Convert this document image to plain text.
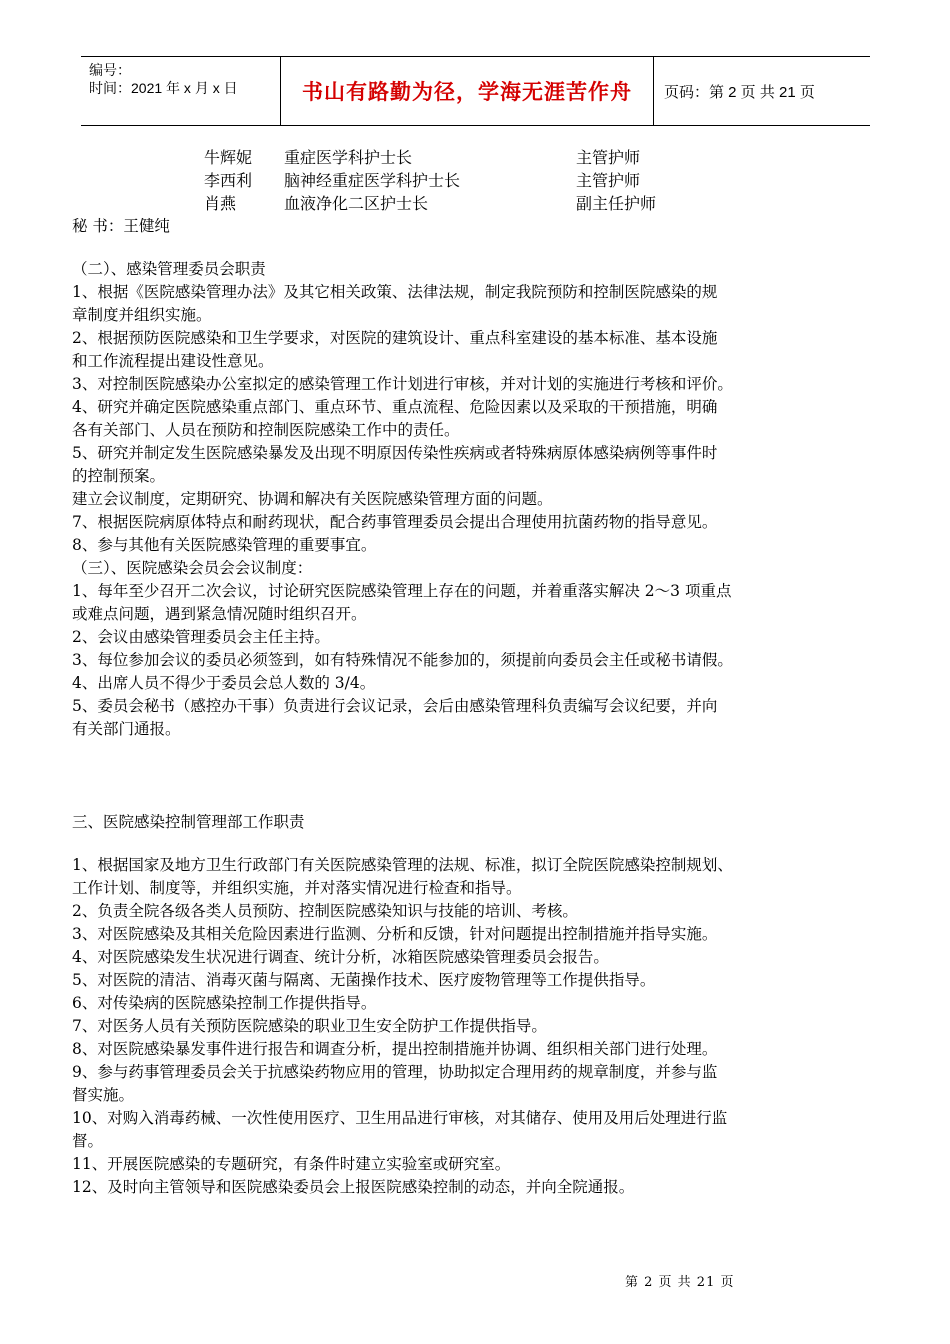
编号：
时间：2021 年 x 月 x 日	书山有路勤为径，学海无涯苦作舟	页码：第 2 页 共 21 页
牛辉妮	重症医学科护士长	主管护师
李西利	脑神经重症医学科护士长	主管护师
肖燕	血液净化二区护士长	副主任护师
秘 书：王健纯
（二）、感染管理委员会职责
1、根据《医院感染管理办法》及其它相关政策、法律法规，制定我院预防和控制医院感染的规
章制度并组织实施。
2、根据预防医院感染和卫生学要求，对医院的建筑设计、重点科室建设的基本标准、基本设施
和工作流程提出建设性意见。
3、对控制医院感染办公室拟定的感染管理工作计划进行审核，并对计划的实施进行考核和评价。
4、研究并确定医院感染重点部门、重点环节、重点流程、危险因素以及采取的干预措施，明确
各有关部门、人员在预防和控制医院感染工作中的责任。
5、研究并制定发生医院感染暴发及出现不明原因传染性疾病或者特殊病原体感染病例等事件时
的控制预案。
建立会议制度，定期研究、协调和解决有关医院感染管理方面的问题。
7、根据医院病原体特点和耐药现状，配合药事管理委员会提出合理使用抗菌药物的指导意见。
8、参与其他有关医院感染管理的重要事宜。
（三）、医院感染会员会会议制度：
1、每年至少召开二次会议，讨论研究医院感染管理上存在的问题，并着重落实解决 2～3 项重点
或难点问题，遇到紧急情况随时组织召开。
2、会议由感染管理委员会主任主持。
3、每位参加会议的委员必须签到，如有特殊情况不能参加的，须提前向委员会主任或秘书请假。
4、出席人员不得少于委员会总人数的 3/4。
5、委员会秘书（感控办干事）负责进行会议记录，会后由感染管理科负责编写会议纪要，并向
有关部门通报。
三、医院感染控制管理部工作职责
1、根据国家及地方卫生行政部门有关医院感染管理的法规、标准，拟订全院医院感染控制规划、
工作计划、制度等，并组织实施，并对落实情况进行检查和指导。
2、负责全院各级各类人员预防、控制医院感染知识与技能的培训、考核。
3、对医院感染及其相关危险因素进行监测、分析和反馈，针对问题提出控制措施并指导实施。
4、对医院感染发生状况进行调查、统计分析，冰箱医院感染管理委员会报告。
5、对医院的清洁、消毒灭菌与隔离、无菌操作技术、医疗废物管理等工作提供指导。
6、对传染病的医院感染控制工作提供指导。
7、对医务人员有关预防医院感染的职业卫生安全防护工作提供指导。
8、对医院感染暴发事件进行报告和调查分析，提出控制措施并协调、组织相关部门进行处理。
9、参与药事管理委员会关于抗感染药物应用的管理，协助拟定合理用药的规章制度，并参与监
督实施。
10、对购入消毒药械、一次性使用医疗、卫生用品进行审核，对其储存、使用及用后处理进行监
督。
11、开展医院感染的专题研究，有条件时建立实验室或研究室。
12、及时向主管领导和医院感染委员会上报医院感染控制的动态，并向全院通报。
第 2 页 共 21 页
